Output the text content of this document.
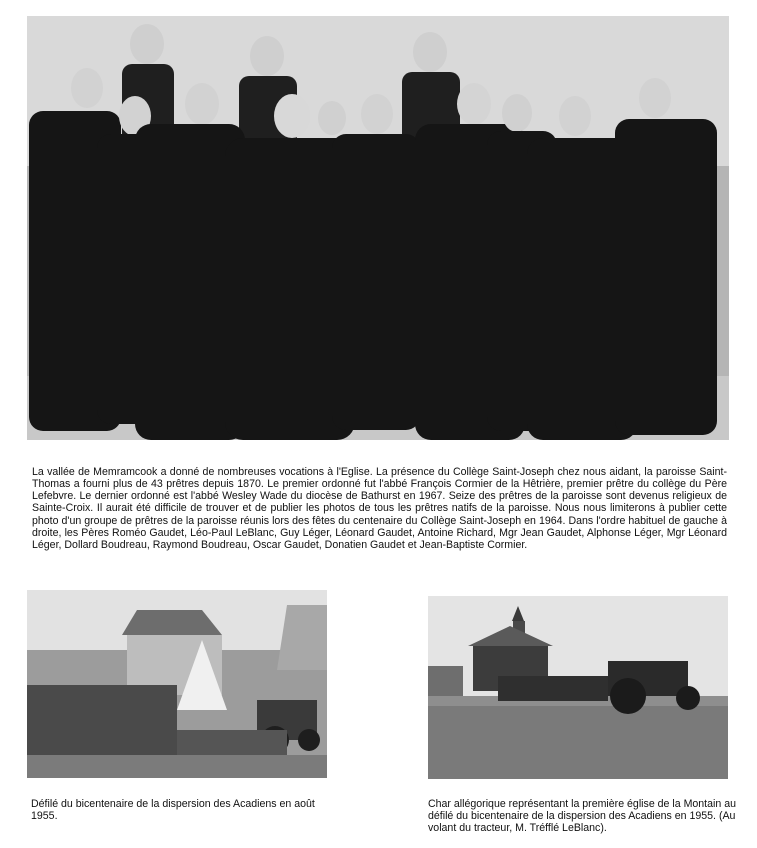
La vallée de Memramcook a donné de nombreuses vocations à l'Eglise. La présence du Collège Saint-Joseph chez nous aidant, la paroisse Saint-Thomas a fourni plus de 43 prêtres depuis 1870. Le premier ordonné fut l'abbé François Cormier de la Hêtrière, premier prêtre du collège du Père Lefebvre. Le dernier ordonné est l'abbé Wesley Wade du diocèse de Bathurst en 1967. Seize des prêtres de la paroisse sont devenus religieux de Sainte-Croix. Il aurait été difficile de trouver et de publier les photos de tous les prêtres natifs de la paroisse. Nous nous limiterons à publier cette photo d'un groupe de prêtres de la paroisse réunis lors des fêtes du centenaire du Collège Saint-Joseph en 1964. Dans l'ordre habituel de gauche à droite, les Pères Roméo Gaudet, Léo-Paul LeBlanc, Guy Léger, Léonard Gaudet, Antoine Richard, Mgr Jean Gaudet, Alphonse Léger, Mgr Léonard Léger, Dollard Boudreau, Raymond Boudreau, Oscar Gaudet, Donatien Gaudet et Jean-Baptiste Cormier.

Défilé du bicentenaire de la dispersion des Acadiens en août 1955.

Char allégorique représentant la première église de la Montain au défilé du bicentenaire de la dispersion des Acadiens en 1955. (Au volant du tracteur, M. Tréfflé LeBlanc).
